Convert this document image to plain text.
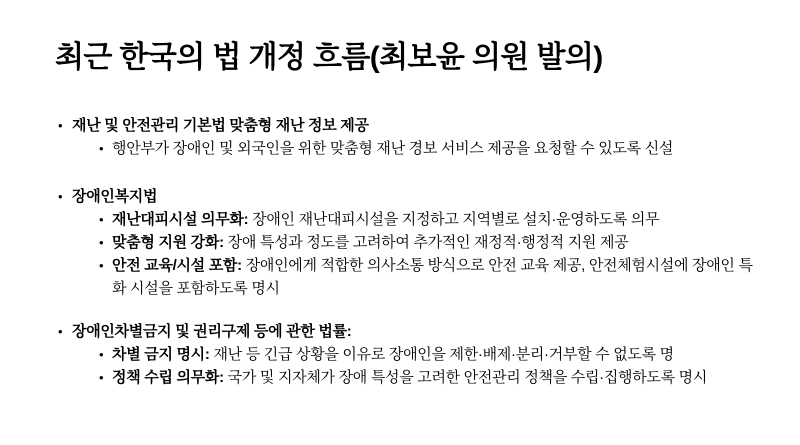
최근 한국의 법 개정 흐름(최보윤 의원 발의)
• 재난 및 안전관리 기본법 맞춤형 재난 정보 제공
• 행안부가 장애인 및 외국인을 위한 맞춤형 재난 경보 서비스 제공을 요청할 수 있도록 신설
• 장애인복지법
• 재난대피시설 의무화: 장애인 재난대피시설을 지정하고 지역별로 설치·운영하도록 의무
• 맞춤형 지원 강화: 장애 특성과 정도를 고려하여 추가적인 재정적·행정적 지원 제공
• 안전 교육/시설 포함: 장애인에게 적합한 의사소통 방식으로 안전 교육 제공, 안전체험시설에 장애인 특화 시설을 포함하도록 명시
• 장애인차별금지 및 권리구제 등에 관한 법률:
• 차별 금지 명시: 재난 등 긴급 상황을 이유로 장애인을 제한·배제·분리·거부할 수 없도록 명
• 정책 수립 의무화: 국가 및 지자체가 장애 특성을 고려한 안전관리 정책을 수립·집행하도록 명시
